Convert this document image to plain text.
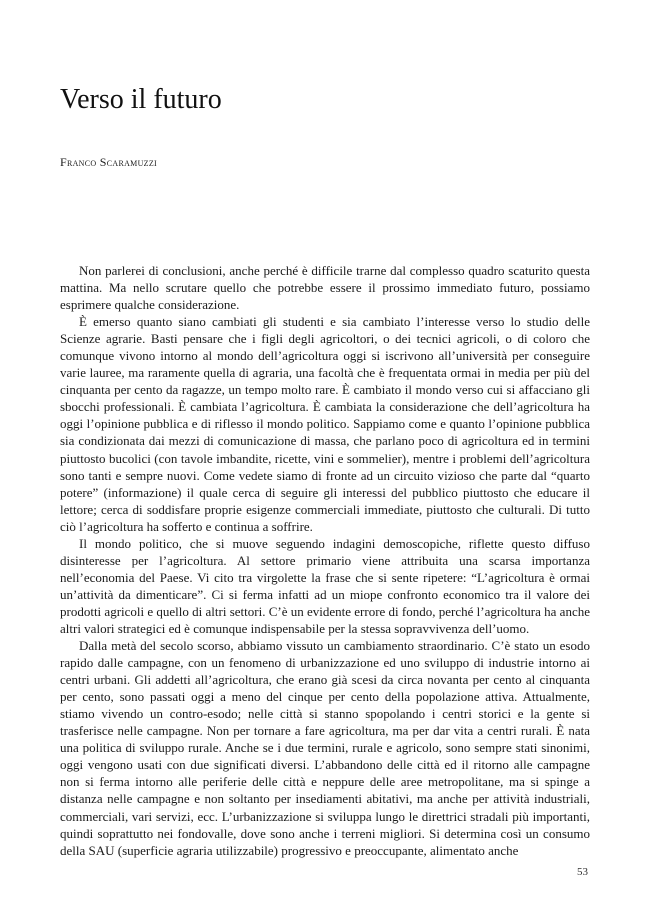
Verso il futuro

Franco Scaramuzzi

Non parlerei di conclusioni, anche perché è difficile trarne dal complesso quadro scaturito questa mattina. Ma nello scrutare quello che potrebbe essere il prossimo immediato futuro, possiamo esprimere qualche considerazione.

È emerso quanto siano cambiati gli studenti e sia cambiato l’interesse verso lo studio delle Scienze agrarie. Basti pensare che i figli degli agricoltori, o dei tecnici agricoli, o di coloro che comunque vivono intorno al mondo dell’agricoltura oggi si iscrivono all’università per conseguire varie lauree, ma raramente quella di agraria, una facoltà che è frequentata ormai in media per più del cinquanta per cento da ragazze, un tempo molto rare. È cambiato il mondo verso cui si affacciano gli sbocchi professionali. È cambiata l’agricoltura. È cambiata la considerazione che dell’agricoltura ha oggi l’opinione pubblica e di riflesso il mondo politico. Sappiamo come e quanto l’opinione pubblica sia condizionata dai mezzi di comunicazione di massa, che parlano poco di agricoltura ed in termini piuttosto bucolici (con tavole imbandite, ricette, vini e sommelier), mentre i problemi dell’agricoltura sono tanti e sempre nuovi. Come vedete siamo di fronte ad un circuito vizioso che parte dal “quarto potere” (informazione) il quale cerca di seguire gli interessi del pubblico piuttosto che educare il lettore; cerca di soddisfare proprie esigenze commerciali immediate, piuttosto che culturali. Di tutto ciò l’agricoltura ha sofferto e continua a soffrire.

Il mondo politico, che si muove seguendo indagini demoscopiche, riflette questo diffuso disinteresse per l’agricoltura. Al settore primario viene attribuita una scarsa importanza nell’economia del Paese. Vi cito tra virgolette la frase che si sente ripetere: “L’agricoltura è ormai un’attività da dimenticare”. Ci si ferma infatti ad un miope confronto economico tra il valore dei prodotti agricoli e quello di altri settori. C’è un evidente errore di fondo, perché l’agricoltura ha anche altri valori strategici ed è comunque indispensabile per la stessa sopravvivenza dell’uomo.

Dalla metà del secolo scorso, abbiamo vissuto un cambiamento straordinario. C’è stato un esodo rapido dalle campagne, con un fenomeno di urbanizzazione ed uno sviluppo di industrie intorno ai centri urbani. Gli addetti all’agricoltura, che erano già scesi da circa novanta per cento al cinquanta per cento, sono passati oggi a meno del cinque per cento della popolazione attiva. Attualmente, stiamo vivendo un contro-esodo; nelle città si stanno spopolando i centri storici e la gente si trasferisce nelle campagne. Non per tornare a fare agricoltura, ma per dar vita a centri rurali. È nata una politica di sviluppo rurale. Anche se i due termini, rurale e agricolo, sono sempre stati sinonimi, oggi vengono usati con due significati diversi. L’abbandono delle città ed il ritorno alle campagne non si ferma intorno alle periferie delle città e neppure delle aree metropolitane, ma si spinge a distanza nelle campagne e non soltanto per insediamenti abitativi, ma anche per attività industriali, commerciali, vari servizi, ecc. L’urbanizzazione si sviluppa lungo le direttrici stradali più importanti, quindi soprattutto nei fondovalle, dove sono anche i terreni migliori. Si determina così un consumo della SAU (superficie agraria utilizzabile) progressivo e preoccupante, alimentato anche

53
